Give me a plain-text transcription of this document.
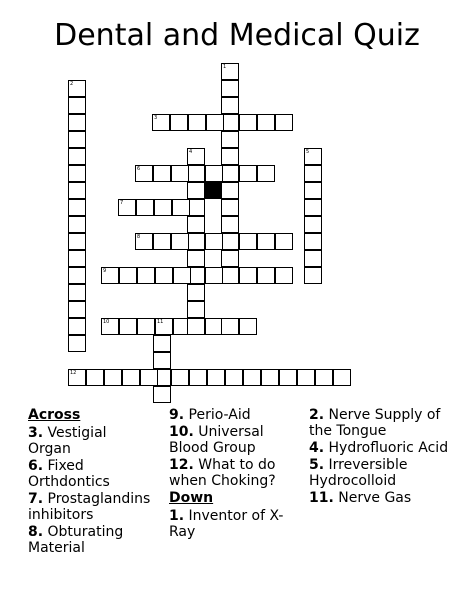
Dental and Medical Quiz
1
2
3
4	5
6
7
8
9
10	11
12
Across
3. Vestigial Organ
6. Fixed Orthdontics
7. Prostaglandins inhibitors
8. Obturating Material
9. Perio-Aid
10. Universal Blood Group
12. What to do when Choking?
Down
1. Inventor of X-Ray
2. Nerve Supply of the Tongue
4. Hydrofluoric Acid
5. Irreversible Hydrocolloid
11. Nerve Gas
